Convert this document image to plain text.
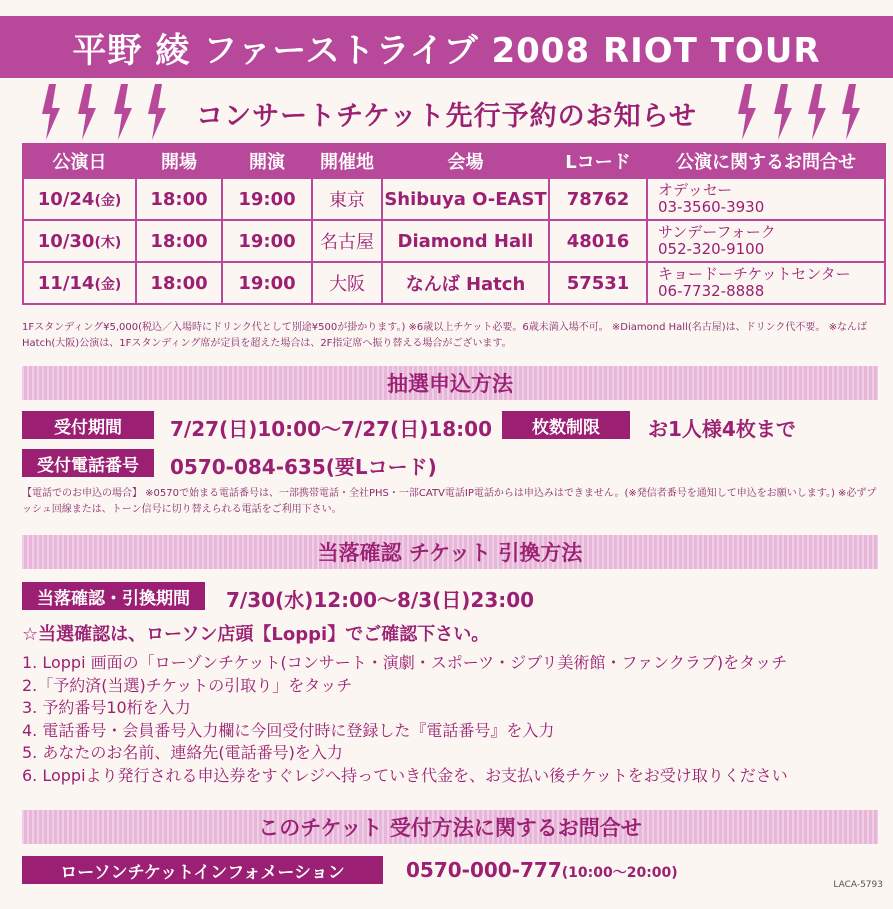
平野 綾 ファーストライブ 2008 RIOT TOUR
コンサートチケット先行予約のお知らせ
公演日	開場	開演	開催地	会場	Lコード	公演に関するお問合せ
10/24(金)	18:00	19:00	東京	Shibuya O-EAST	78762	オデッセー
03-3560-3930

10/30(木)	18:00	19:00	名古屋	Diamond Hall	48016	サンデーフォーク
052-320-9100

11/14(金)	18:00	19:00	大阪	なんば Hatch	57531	キョードーチケットセンター
06-7732-8888
1Fスタンディング¥5,000(税込／入場時にドリンク代として別途¥500が掛かります。) ※6歳以上チケット必要。6歳未満入場不可。 ※Diamond Hall(名古屋)は、ドリンク代不要。 ※なんば Hatch(大阪)公演は、1Fスタンディング席が定員を超えた場合は、2F指定席へ振り替える場合がございます。
抽選申込方法
受付期間	7/27(日)10:00～7/27(日)18:00	枚数制限	お1人様4枚まで
受付電話番号	0570-084-635(要Lコード)
【電話でのお申込の場合】 ※0570で始まる電話番号は、一部携帯電話・全社PHS・一部CATV電話IP電話からは申込みはできません。(※発信者番号を通知して申込をお願いします。) ※必ずプッシュ回線または、トーン信号に切り替えられる電話をご利用下さい。
当落確認 チケット 引換方法
当落確認・引換期間	7/30(水)12:00～8/3(日)23:00
☆当選確認は、ローソン店頭【Loppi】でご確認下さい。
1. Loppi 画面の「ローゾンチケット(コンサート・演劇・スポーツ・ジブリ美術館・ファンクラブ)をタッチ
2.「予約済(当選)チケットの引取り」をタッチ
3. 予約番号10桁を入力
4. 電話番号・会員番号入力欄に今回受付時に登録した『電話番号』を入力
5. あなたのお名前、連絡先(電話番号)を入力
6. Loppiより発行される申込券をすぐレジへ持っていき代金を、お支払い後チケットをお受け取りください
このチケット 受付方法に関するお問合せ
ローソンチケットインフォメーション	0570-000-777(10:00～20:00)
LACA-5793
